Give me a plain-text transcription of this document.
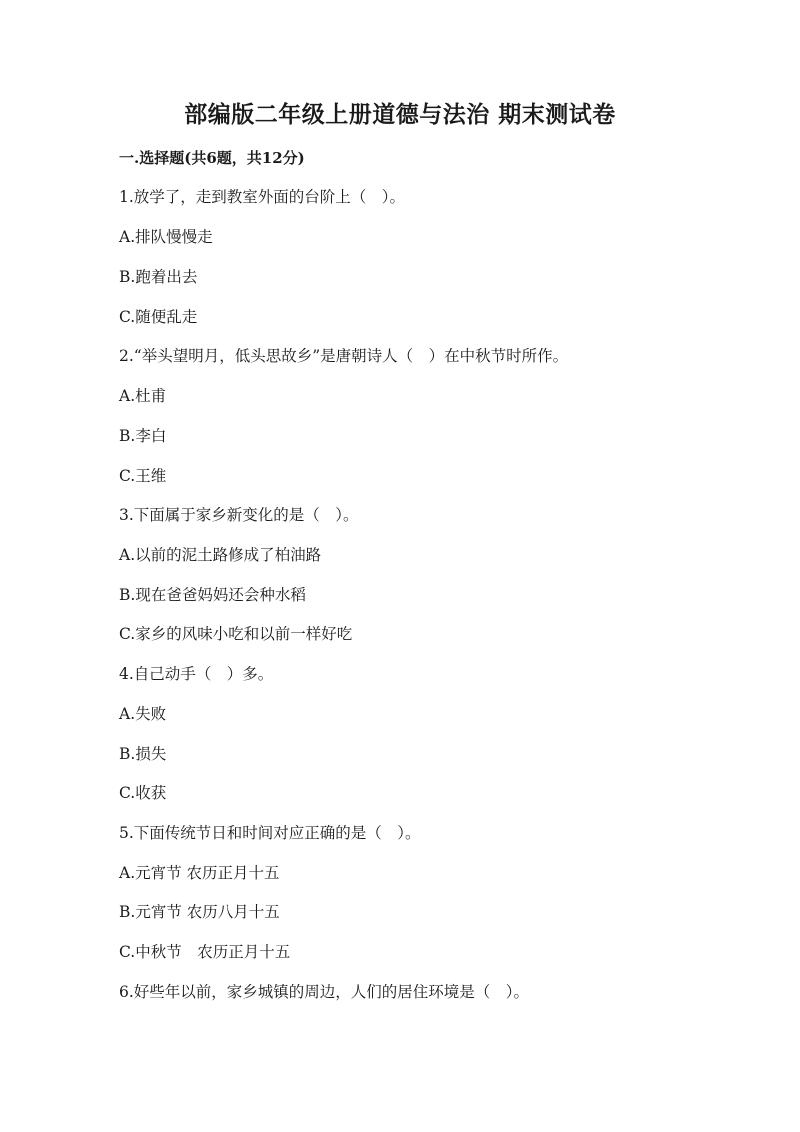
部编版二年级上册道德与法治 期末测试卷
一.选择题(共6题，共12分)
1.放学了，走到教室外面的台阶上（　）。
A.排队慢慢走
B.跑着出去
C.随便乱走
2.“举头望明月，低头思故乡”是唐朝诗人（　）在中秋节时所作。
A.杜甫
B.李白
C.王维
3.下面属于家乡新变化的是（　）。
A.以前的泥土路修成了柏油路
B.现在爸爸妈妈还会种水稻
C.家乡的风味小吃和以前一样好吃
4.自己动手（　）多。
A.失败
B.损失
C.收获
5.下面传统节日和时间对应正确的是（　）。
A.元宵节 农历正月十五
B.元宵节 农历八月十五
C.中秋节　农历正月十五
6.好些年以前，家乡城镇的周边，人们的居住环境是（　）。
